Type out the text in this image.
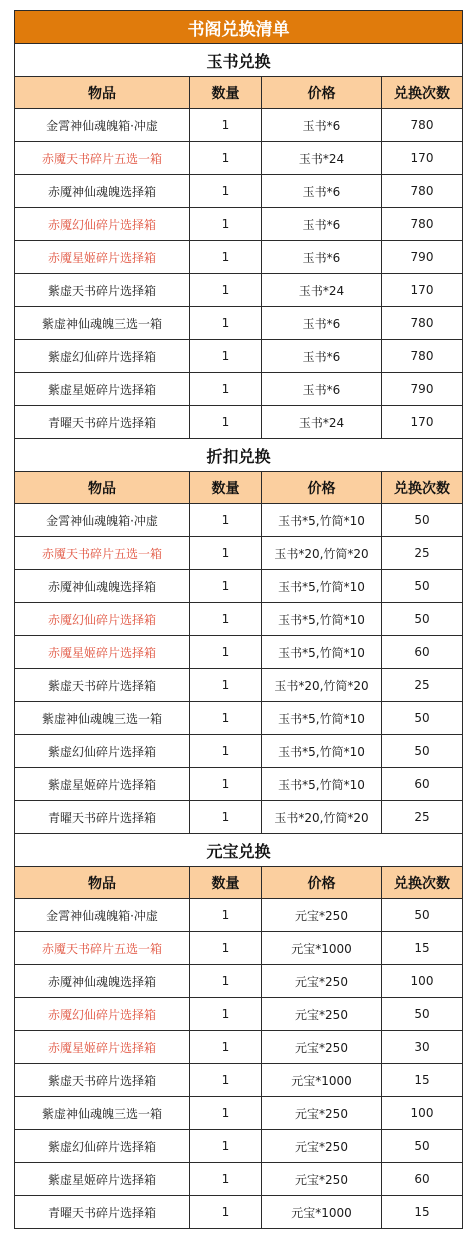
书阁兑换清单			
玉书兑换			
物品	数量	价格	兑换次数
金霄神仙魂魄箱·冲虚	1	玉书*6	780
赤魇天书碎片五选一箱	1	玉书*24	170
赤魇神仙魂魄选择箱	1	玉书*6	780
赤魇幻仙碎片选择箱	1	玉书*6	780
赤魇星姬碎片选择箱	1	玉书*6	790
紫虚天书碎片选择箱	1	玉书*24	170
紫虚神仙魂魄三选一箱	1	玉书*6	780
紫虚幻仙碎片选择箱	1	玉书*6	780
紫虚星姬碎片选择箱	1	玉书*6	790
青曜天书碎片选择箱	1	玉书*24	170
折扣兑换			
物品	数量	价格	兑换次数
金霄神仙魂魄箱·冲虚	1	玉书*5,竹简*10	50
赤魇天书碎片五选一箱	1	玉书*20,竹简*20	25
赤魇神仙魂魄选择箱	1	玉书*5,竹简*10	50
赤魇幻仙碎片选择箱	1	玉书*5,竹简*10	50
赤魇星姬碎片选择箱	1	玉书*5,竹简*10	60
紫虚天书碎片选择箱	1	玉书*20,竹简*20	25
紫虚神仙魂魄三选一箱	1	玉书*5,竹简*10	50
紫虚幻仙碎片选择箱	1	玉书*5,竹简*10	50
紫虚星姬碎片选择箱	1	玉书*5,竹简*10	60
青曜天书碎片选择箱	1	玉书*20,竹简*20	25
元宝兑换			
物品	数量	价格	兑换次数
金霄神仙魂魄箱·冲虚	1	元宝*250	50
赤魇天书碎片五选一箱	1	元宝*1000	15
赤魇神仙魂魄选择箱	1	元宝*250	100
赤魇幻仙碎片选择箱	1	元宝*250	50
赤魇星姬碎片选择箱	1	元宝*250	30
紫虚天书碎片选择箱	1	元宝*1000	15
紫虚神仙魂魄三选一箱	1	元宝*250	100
紫虚幻仙碎片选择箱	1	元宝*250	50
紫虚星姬碎片选择箱	1	元宝*250	60
青曜天书碎片选择箱	1	元宝*1000	15
